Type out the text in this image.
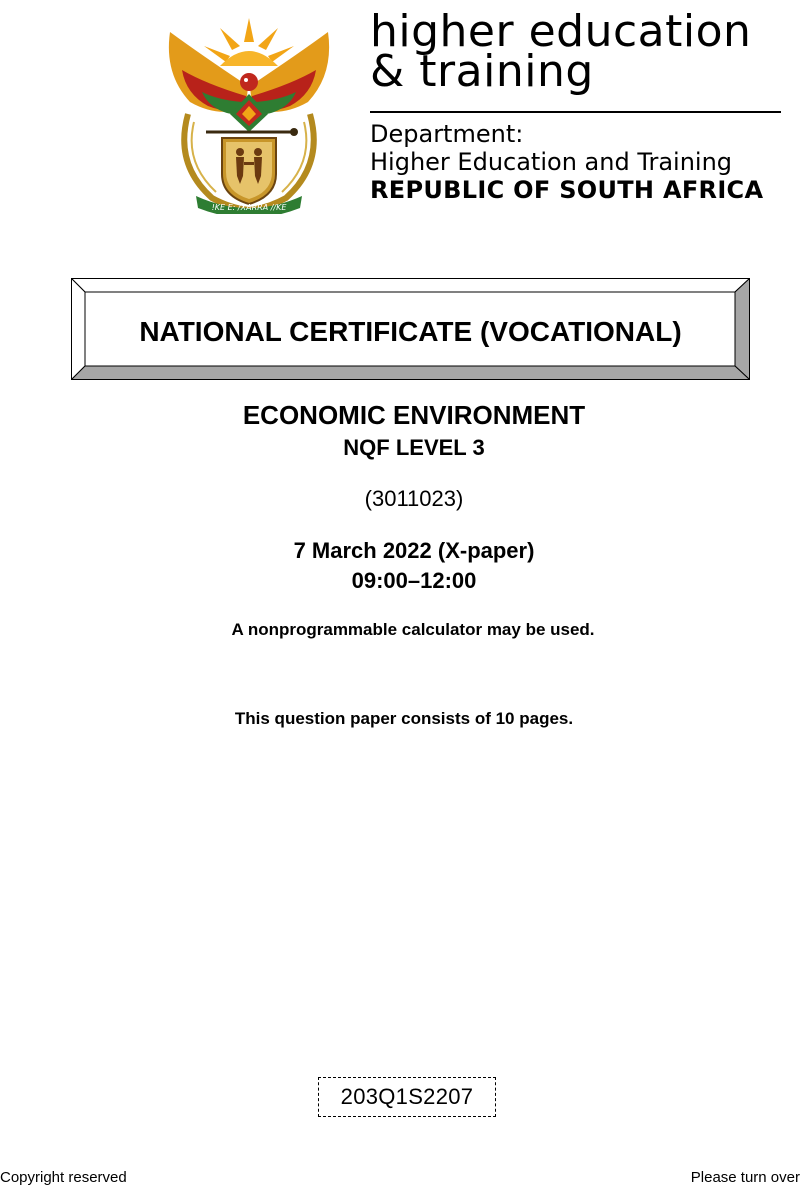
!KE E: /XARRA //KE
higher education
& training
Department:
Higher Education and Training
REPUBLIC OF SOUTH AFRICA
NATIONAL CERTIFICATE (VOCATIONAL)
ECONOMIC ENVIRONMENT
NQF LEVEL 3
(3011023)
7 March 2022 (X-paper)
09:00–12:00
A nonprogrammable calculator may be used.
This question paper consists of 10 pages.
203Q1S2207
Copyright reserved	Please turn over
